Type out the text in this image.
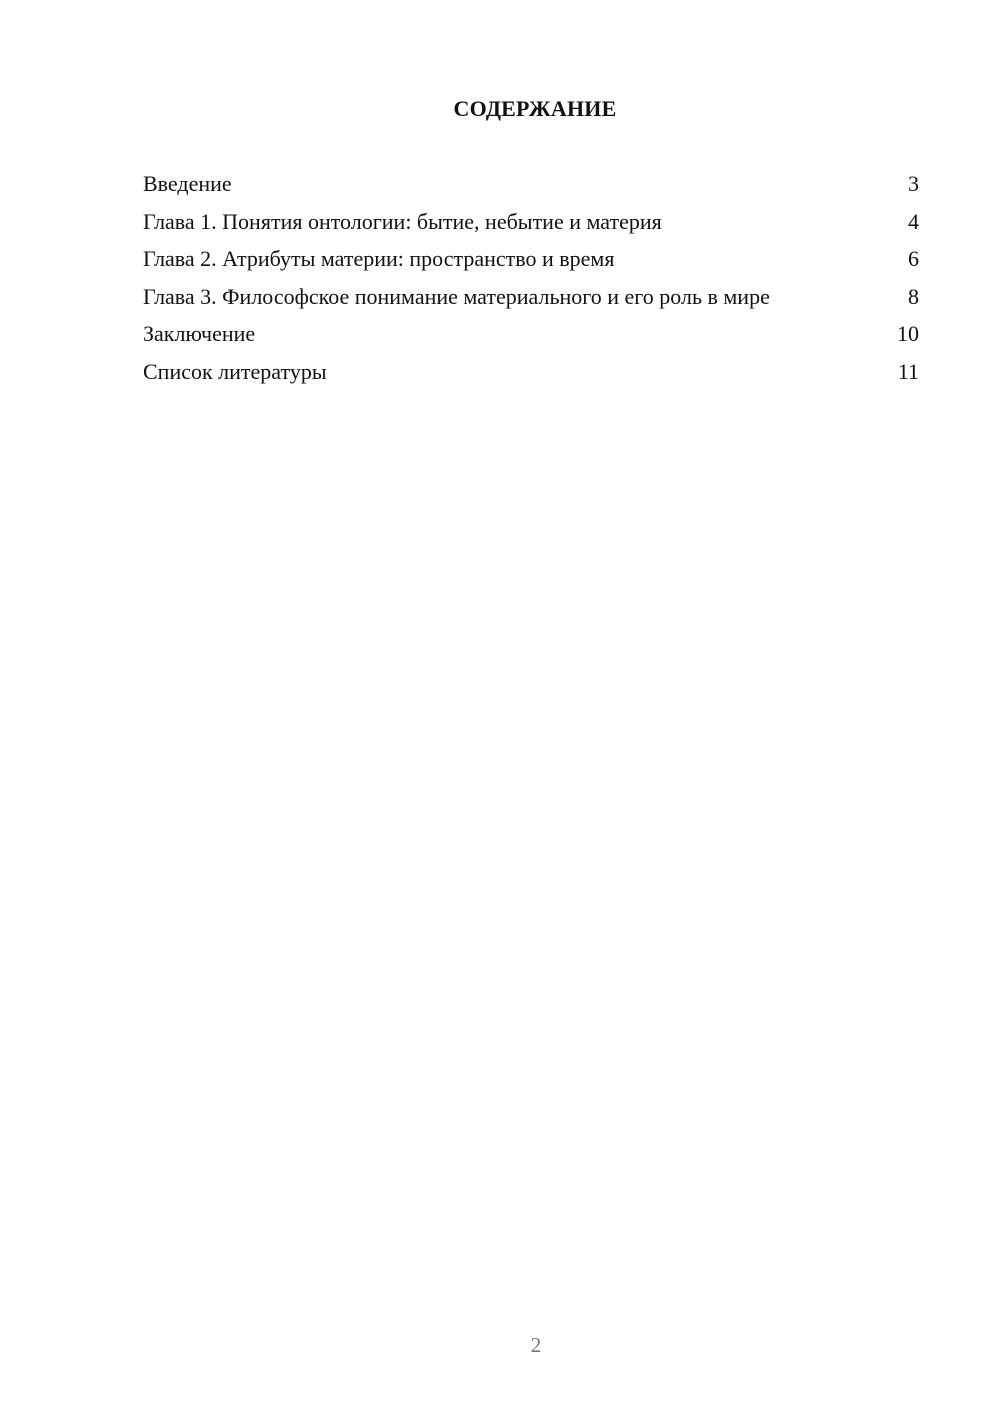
СОДЕРЖАНИЕ
Введение	3
Глава 1. Понятия онтологии: бытие, небытие и материя	4
Глава 2. Атрибуты материи: пространство и время	6
Глава 3. Философское понимание материального и его роль в мире	8
Заключение	10
Список литературы	11
2
